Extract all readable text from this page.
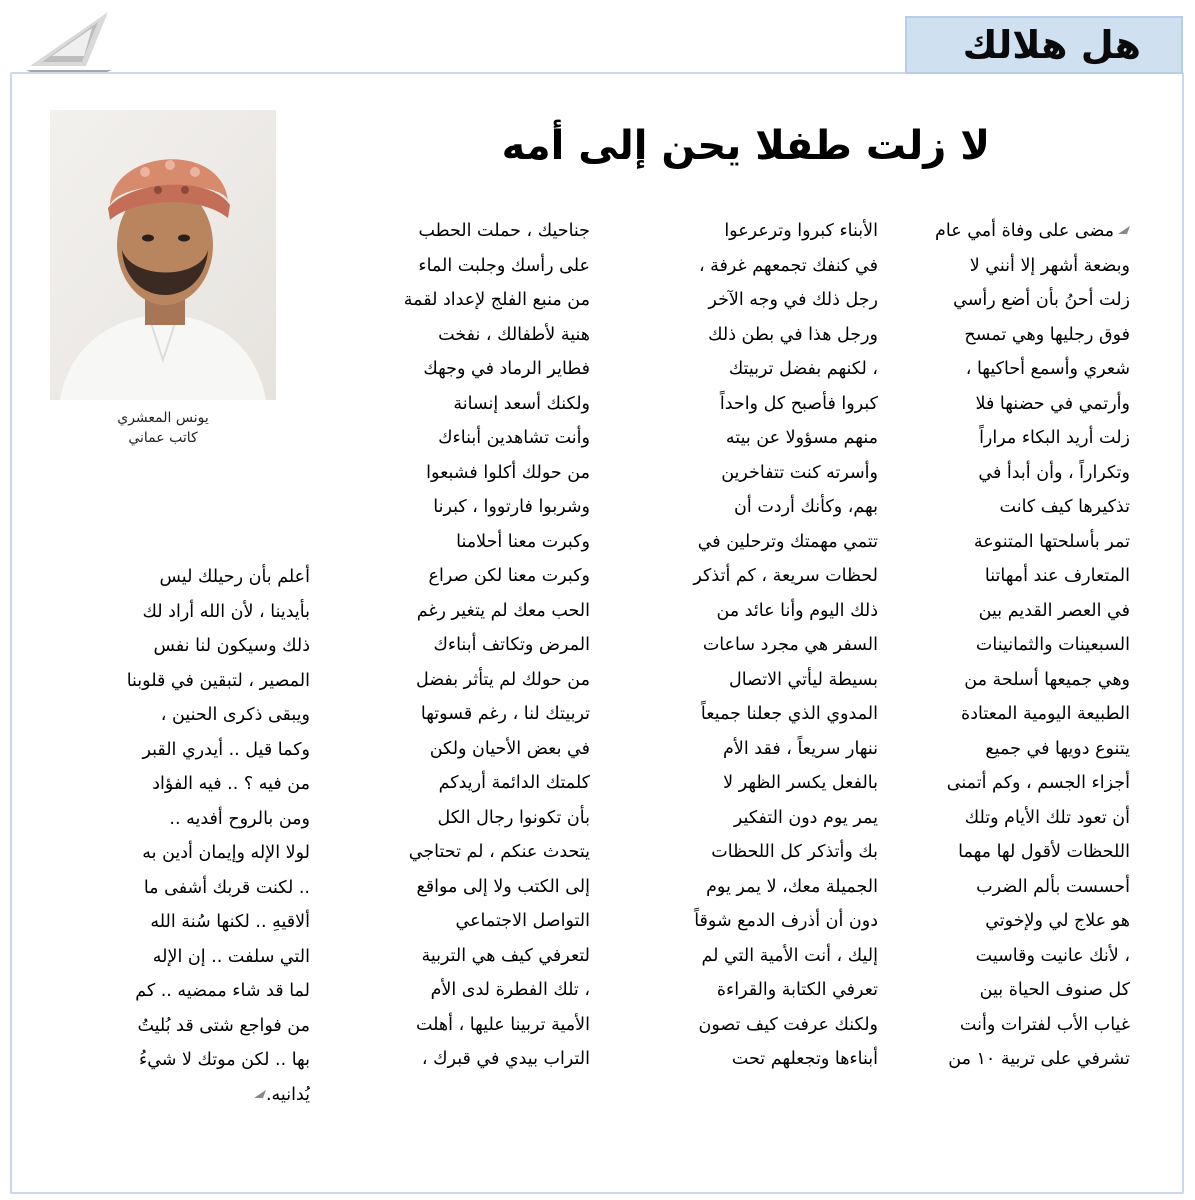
هل هلالك
لا زلت طفلا يحن إلى أمه
يونس المعشري
كاتب عماني
مضى على وفاة أمي عام
وبضعة أشهر إلا أنني لا
زلت أحنُ بأن أضع رأسي
فوق رجليها وهي تمسح
شعري وأسمع أحاكيها ،
وأرتمي في حضنها فلا
زلت أريد البكاء مراراً
وتكراراً ، وأن أبدأ في
تذكيرها كيف كانت
تمر بأسلحتها المتنوعة
المتعارف عند أمهاتنا
في العصر القديم بين
السبعينات والثمانينات
وهي جميعها أسلحة من
الطبيعة اليومية المعتادة
يتنوع دويها في جميع
أجزاء الجسم ، وكم أتمنى
أن تعود تلك الأيام وتلك
اللحظات لأقول لها مهما
أحسست بألم الضرب
هو علاج لي ولإخوتي
، لأنك عانيت وقاسيت
كل صنوف الحياة بين
غياب الأب لفترات وأنت
تشرفي على تربية ١٠ من
الأبناء كبروا وترعرعوا
في كنفك تجمعهم غرفة ،
رجل ذلك في وجه الآخر
ورجل هذا في بطن ذلك
، لكنهم بفضل تربيتك
كبروا فأصبح كل واحداً
منهم مسؤولا عن بيته
وأسرته كنت تتفاخرين
بهم، وكأنك أردت أن
تتمي مهمتك وترحلين في
لحظات سريعة ، كم أتذكر
ذلك اليوم وأنا عائد من
السفر هي مجرد ساعات
بسيطة ليأتي الاتصال
المدوي الذي جعلنا جميعاً
ننهار سريعاً ، فقد الأم
بالفعل يكسر الظهر لا
يمر يوم دون التفكير
بك وأتذكر كل اللحظات
الجميلة معك، لا يمر يوم
دون أن أذرف الدمع شوقاً
إليك ، أنت الأمية التي لم
تعرفي الكتابة والقراءة
ولكنك عرفت كيف تصون
أبناءها وتجعلهم تحت
جناحيك ، حملت الحطب
على رأسك وجلبت الماء
من منبع الفلج لإعداد لقمة
هنية لأطفالك ، نفخت
فطاير الرماد في وجهك
ولكنك أسعد إنسانة
وأنت تشاهدين أبناءك
من حولك أكلوا فشبعوا
وشربوا فارتووا ، كبرنا
وكبرت معنا أحلامنا
وكبرت معنا لكن صراع
الحب معك لم يتغير رغم
المرض وتكاتف أبناءك
من حولك لم يتأثر بفضل
تربيتك لنا ، رغم قسوتها
في بعض الأحيان ولكن
كلمتك الدائمة أريدكم
بأن تكونوا رجال الكل
يتحدث عنكم ، لم تحتاجي
إلى الكتب ولا إلى مواقع
التواصل الاجتماعي
لتعرفي كيف هي التربية
، تلك الفطرة لدى الأم
الأمية تربينا عليها ، أهلت
التراب بيدي في قبرك ،
أعلم بأن رحيلك ليس
بأيدينا ، لأن الله أراد لك
ذلك وسيكون لنا نفس
المصير ، لتبقين في قلوبنا
ويبقى ذكرى الحنين ،
وكما قيل .. أيدري القبر
من فيه ؟ .. فيه الفؤاد
ومن بالروح أفديه ..
لولا الإله وإيمان أدين به
.. لكنت قربك أشفى ما
ألاقيهِ .. لكنها سُنة الله
التي سلفت .. إن الإله
لما قد شاء ممضيه .. كم
من فواجع شتى قد بُليتُ
بها .. لكن موتك لا شيءُ
يُدانيه.
